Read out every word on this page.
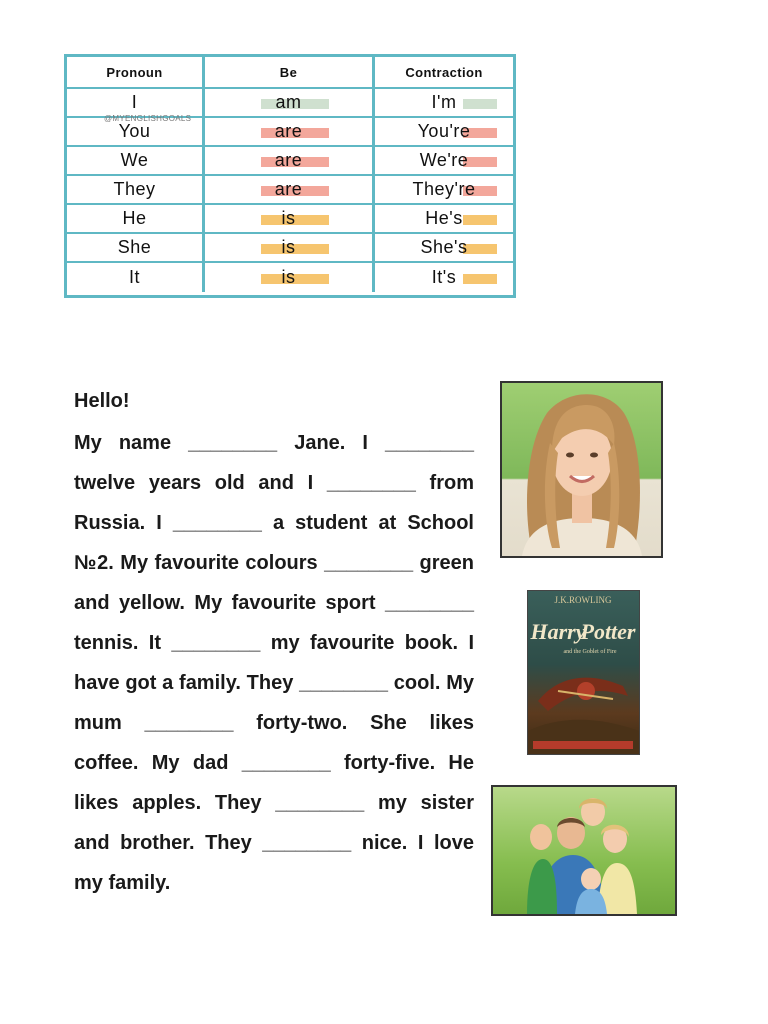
Pronoun	Be	Contraction
I	am	I'm
You	are	You're
We	are	We're
They	are	They're
He	is	He's
She	is	She's
It	is	It's
@MYENGLISHGOALS

Hello!

My name ________ Jane. I ________ twelve years old and I ________ from Russia. I ________ a student at School №2. My favourite colours ________ green and yellow. My favourite sport ________ tennis. It ________ my favourite book. I have got a family. They ________ cool. My mum ________ forty-two. She likes coffee. My dad ________ forty-five. He likes apples. They ________ my sister and brother. They ________ nice. I love my family.

J.K.ROWLING
Harry
Potter
and the Goblet of Fire
